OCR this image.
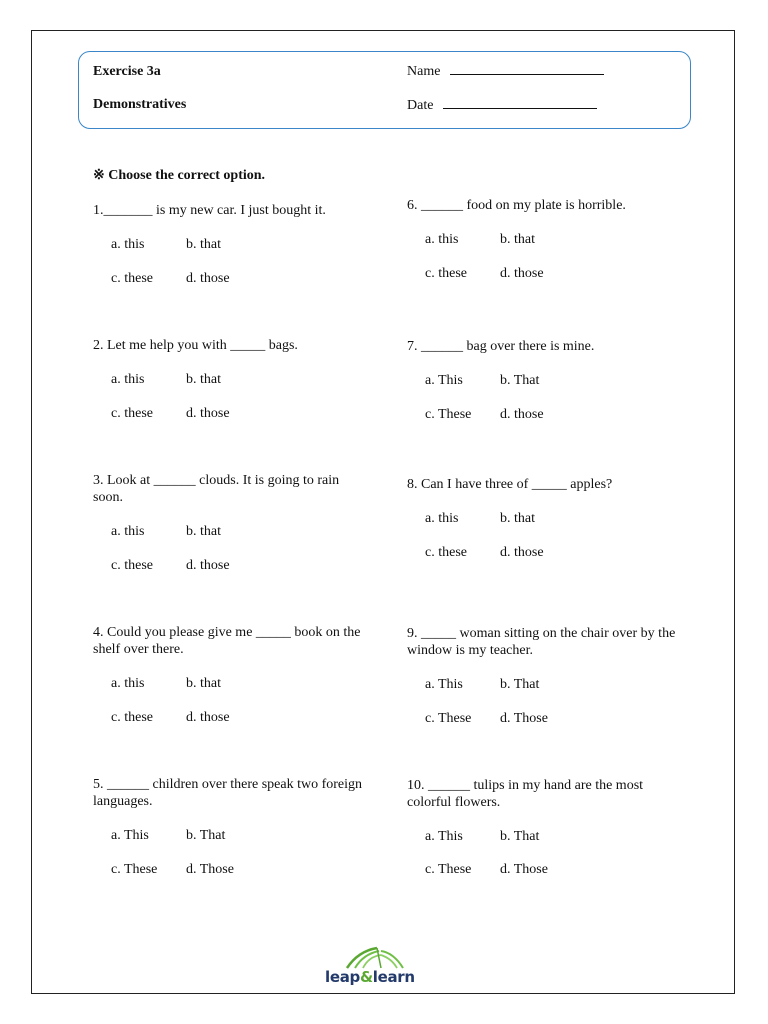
Exercise 3a
Demonstratives
Name
Date
※ Choose the correct option.
1._______ is my new car. I just bought it.
a. this	b. that
c. these d. those
2. Let me help you with _____ bags.
a. this	b. that
c. these d. those
3. Look at ______ clouds. It is going to rain soon.
a. this	b. that
c. these d. those
4. Could you please give me _____ book on the shelf over there.
a. this	b. that
c. these d. those
5. ______ children over there speak two foreign languages.
a. This	b. That
c. These d. Those
6. ______ food on my plate is horrible.
a. this	b. that
c. these d. those
7. ______ bag over there is mine.
a. This	b. That
c. These d. those
8. Can I have three of _____ apples?
a. this	b. that
c. these d. those
9. _____ woman sitting on the chair over by the window is my teacher.
a. This	b. That
c. These d. Those
10. ______ tulips in my hand are the most colorful flowers.
a. This	b. That
c. These d. Those
leap&learn
